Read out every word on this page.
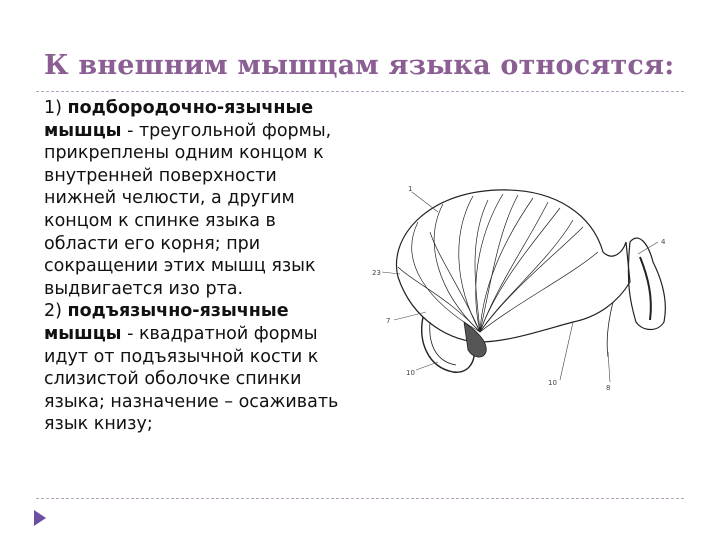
К внешним мышцам языка относятся:

1) подбородочно-язычные мышцы - треугольной формы, прикреплены одним концом к внутренней поверхности нижней челюсти, а другим концом к спинке языка в области его корня; при сокращении этих мышц язык выдвигается изо рта.

2) подъязычно-язычные мышцы - квадратной формы идут от подъязычной кости к слизистой оболочке спинки языка; назначение – осаживать язык книзу;

1
4
23
7
10
10
8
